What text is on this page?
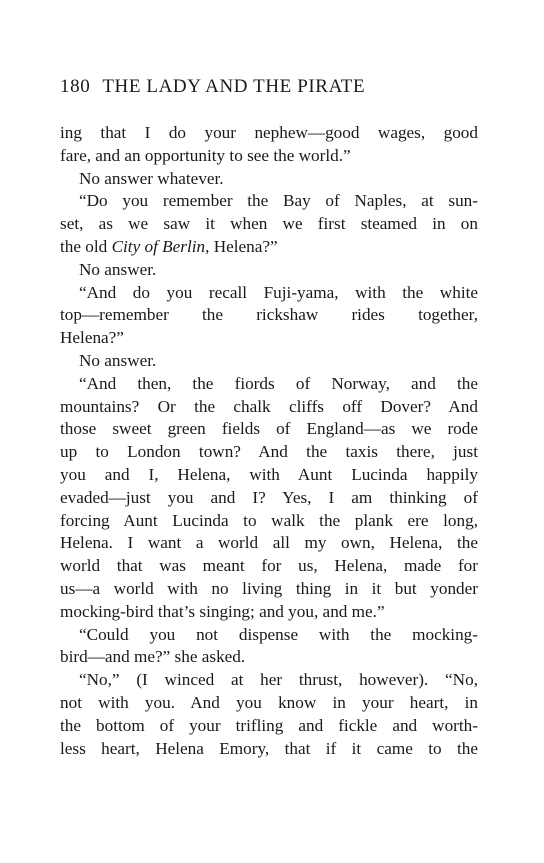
180 THE LADY AND THE PIRATE
ing that I do your nephew—good wages, good
fare, and an opportunity to see the world.”
No answer whatever.
“Do you remember the Bay of Naples, at sun-
set, as we saw it when we first steamed in on
the old City of Berlin, Helena?”
No answer.
“And do you recall Fuji-yama, with the white
top—remember the rickshaw rides together,
Helena?”
No answer.
“And then, the fiords of Norway, and the
mountains? Or the chalk cliffs off Dover? And
those sweet green fields of England—as we rode
up to London town? And the taxis there, just
you and I, Helena, with Aunt Lucinda happily
evaded—just you and I? Yes, I am thinking of
forcing Aunt Lucinda to walk the plank ere long,
Helena. I want a world all my own, Helena, the
world that was meant for us, Helena, made for
us—a world with no living thing in it but yonder
mocking-bird that’s singing; and you, and me.”
“Could you not dispense with the mocking-
bird—and me?” she asked.
“No,” (I winced at her thrust, however). “No,
not with you. And you know in your heart, in
the bottom of your trifling and fickle and worth-
less heart, Helena Emory, that if it came to the
